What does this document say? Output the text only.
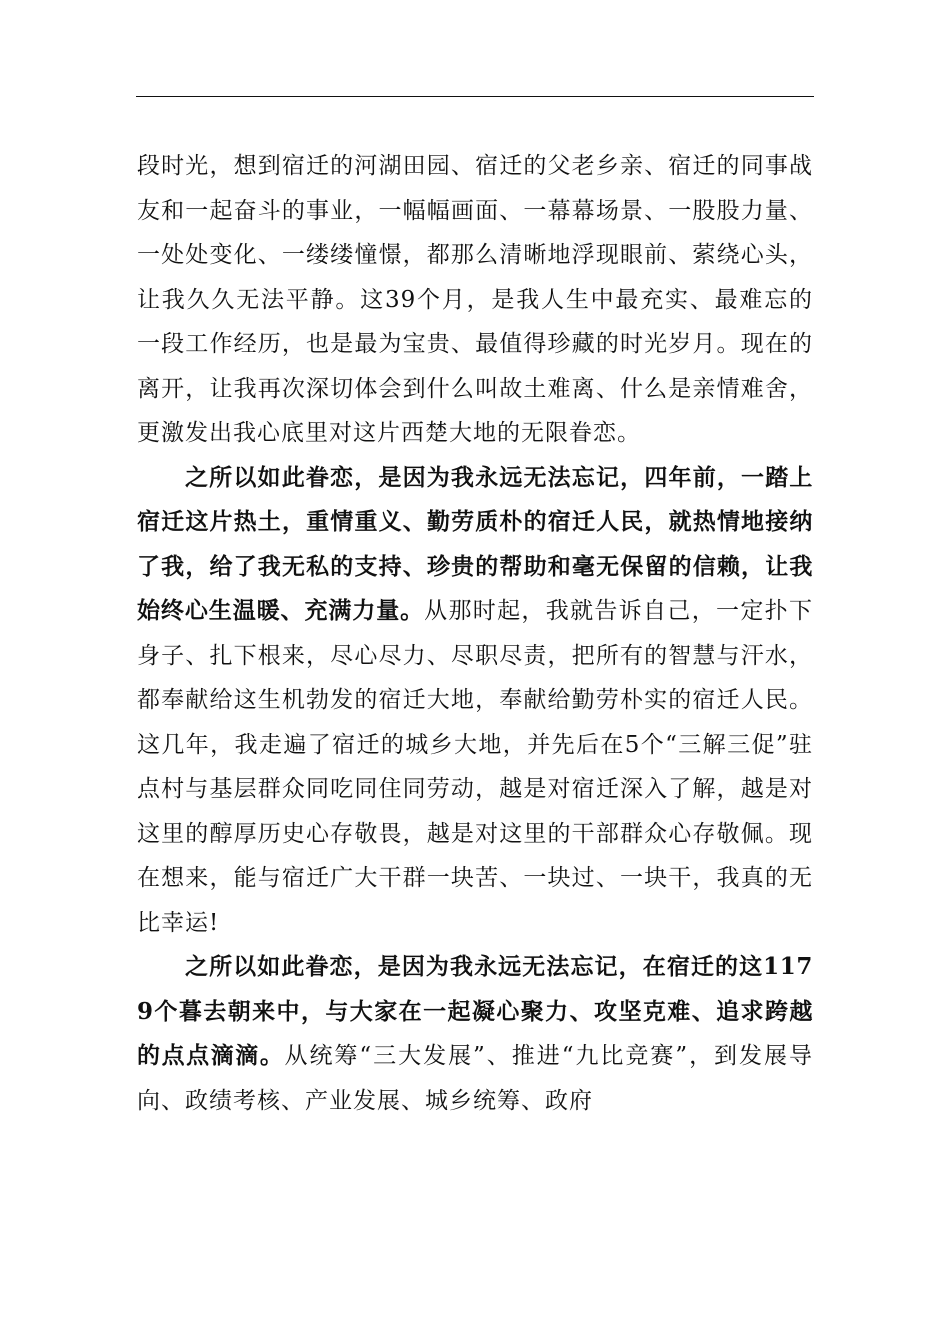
段时光，想到宿迁的河湖田园、宿迁的父老乡亲、宿迁的同事战友和一起奋斗的事业，一幅幅画面、一幕幕场景、一股股力量、一处处变化、一缕缕憧憬，都那么清晰地浮现眼前、萦绕心头，让我久久无法平静。这39个月，是我人生中最充实、最难忘的一段工作经历，也是最为宝贵、最值得珍藏的时光岁月。现在的离开，让我再次深切体会到什么叫故土难离、什么是亲情难舍，更激发出我心底里对这片西楚大地的无限眷恋。

之所以如此眷恋，是因为我永远无法忘记，四年前，一踏上宿迁这片热土，重情重义、勤劳质朴的宿迁人民，就热情地接纳了我，给了我无私的支持、珍贵的帮助和毫无保留的信赖，让我始终心生温暖、充满力量。从那时起，我就告诉自己，一定扑下身子、扎下根来，尽心尽力、尽职尽责，把所有的智慧与汗水，都奉献给这生机勃发的宿迁大地，奉献给勤劳朴实的宿迁人民。这几年，我走遍了宿迁的城乡大地，并先后在5个“三解三促”驻点村与基层群众同吃同住同劳动，越是对宿迁深入了解，越是对这里的醇厚历史心存敬畏，越是对这里的干部群众心存敬佩。现在想来，能与宿迁广大干群一块苦、一块过、一块干，我真的无比幸运!

之所以如此眷恋，是因为我永远无法忘记，在宿迁的这1179个暮去朝来中，与大家在一起凝心聚力、攻坚克难、追求跨越的点点滴滴。从统筹“三大发展”、推进“九比竞赛”，到发展导向、政绩考核、产业发展、城乡统筹、政府
